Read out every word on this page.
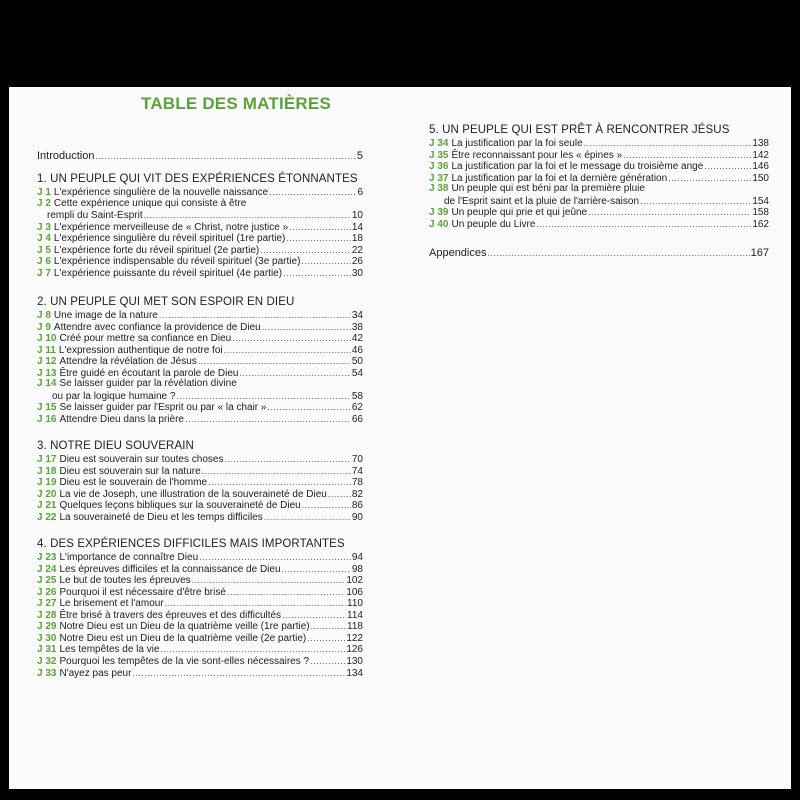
TABLE DES MATIÈRES
Introduction .....	5
1. UN PEUPLE QUI VIT DES EXPÉRIENCES ÉTONNANTES
J 1 L'expérience singulière de la nouvelle naissance .....	6
J 2 Cette expérience unique qui consiste à être
rempli du Saint-Esprit .....	10
J 3 L'expérience merveilleuse de « Christ, notre justice » .....	14
J 4 L'expérience singulière du réveil spirituel (1re partie) .....	18
J 5 L'expérience forte du réveil spirituel (2e partie) .....	22
J 6 L'expérience indispensable du réveil spirituel (3e partie) .....	26
J 7 L'expérience puissante du réveil spirituel (4e partie) .....	30
2. UN PEUPLE QUI MET SON ESPOIR EN DIEU
J 8 Une image de la nature .....	34
J 9 Attendre avec confiance la providence de Dieu .....	38
J 10 Créé pour mettre sa confiance en Dieu .....	42
J 11 L'expression authentique de notre foi .....	46
J 12 Attendre la révélation de Jésus .....	50
J 13 Être guidé en écoutant la parole de Dieu .....	54
J 14 Se laisser guider par la révélation divine
ou par la logique humaine ? .....	58
J 15 Se laisser guider par l'Esprit ou par « la chair » .....	62
J 16 Attendre Dieu dans la prière .....	66
3. NOTRE DIEU SOUVERAIN
J 17 Dieu est souverain sur toutes choses .....	70
J 18 Dieu est souverain sur la nature .....	74
J 19 Dieu est le souverain de l'homme .....	78
J 20 La vie de Joseph, une illustration de la souveraineté de Dieu .....	82
J 21 Quelques leçons bibliques sur la souveraineté de Dieu .....	86
J 22 La souveraineté de Dieu et les temps difficiles .....	90
4. DES EXPÉRIENCES DIFFICILES MAIS IMPORTANTES
J 23 L'importance de connaître Dieu .....	94
J 24 Les épreuves difficiles et la connaissance de Dieu .....	98
J 25 Le but de toutes les épreuves .....	102
J 26 Pourquoi il est nécessaire d'être brisé .....	106
J 27 Le brisement et l'amour .....	110
J 28 Être brisé à travers des épreuves et des difficultés .....	114
J 29 Notre Dieu est un Dieu de la quatrième veille (1re partie) .....	118
J 30 Notre Dieu est un Dieu de la quatrième veille (2e partie) .....	122
J 31 Les tempêtes de la vie .....	126
J 32 Pourquoi les tempêtes de la vie sont-elles nécessaires ? .....	130
J 33 N'ayez pas peur .....	134
5. UN PEUPLE QUI EST PRÊT À RENCONTRER JÉSUS
J 34 La justification par la foi seule .....	138
J 35 Être reconnaissant pour les « épines » .....	142
J 36 La justification par la foi et le message du troisième ange .....	146
J 37 La justification par la foi et la dernière génération .....	150
J 38 Un peuple qui est béni par la première pluie
de l'Esprit saint et la pluie de l'arrière-saison .....	154
J 39 Un peuple qui prie et qui jeûne .....	158
J 40 Un peuple du Livre .....	162
Appendices .....	167
